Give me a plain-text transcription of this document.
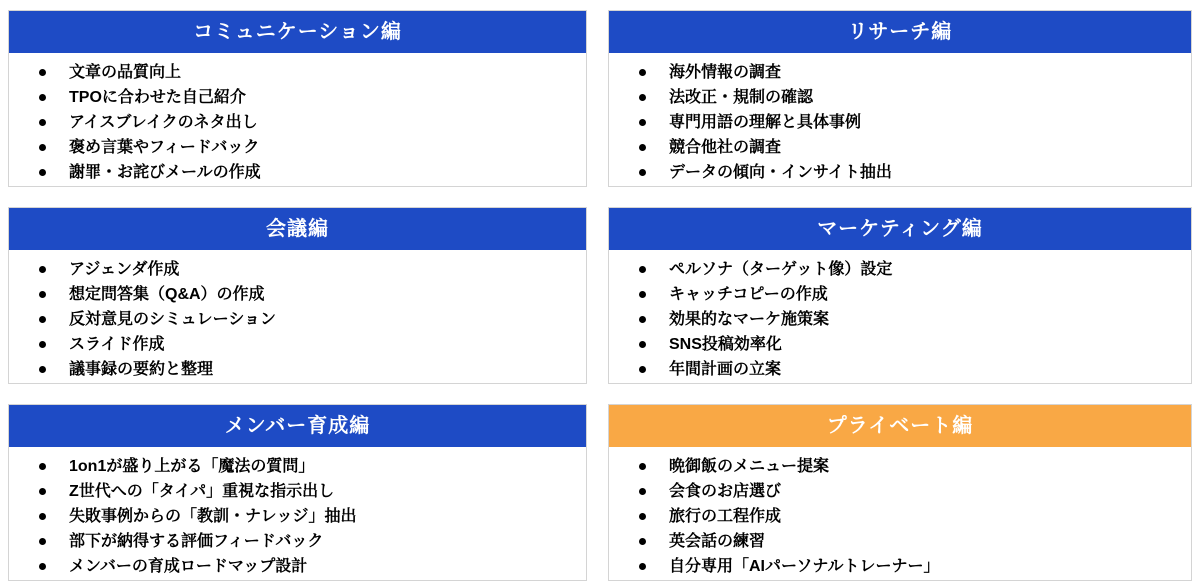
コミュニケーション編
文章の品質向上
TPOに合わせた自己紹介
アイスブレイクのネタ出し
褒め言葉やフィードバック
謝罪・お詫びメールの作成
リサーチ編
海外情報の調査
法改正・規制の確認
専門用語の理解と具体事例
競合他社の調査
データの傾向・インサイト抽出
会議編
アジェンダ作成
想定問答集（Q&A）の作成
反対意見のシミュレーション
スライド作成
議事録の要約と整理
マーケティング編
ペルソナ（ターゲット像）設定
キャッチコピーの作成
効果的なマーケ施策案
SNS投稿効率化
年間計画の立案
メンバー育成編
1on1が盛り上がる「魔法の質問」
Z世代への「タイパ」重視な指示出し
失敗事例からの「教訓・ナレッジ」抽出
部下が納得する評価フィードバック
メンバーの育成ロードマップ設計
プライベート編
晩御飯のメニュー提案
会食のお店選び
旅行の工程作成
英会話の練習
自分専用「AIパーソナルトレーナー」
